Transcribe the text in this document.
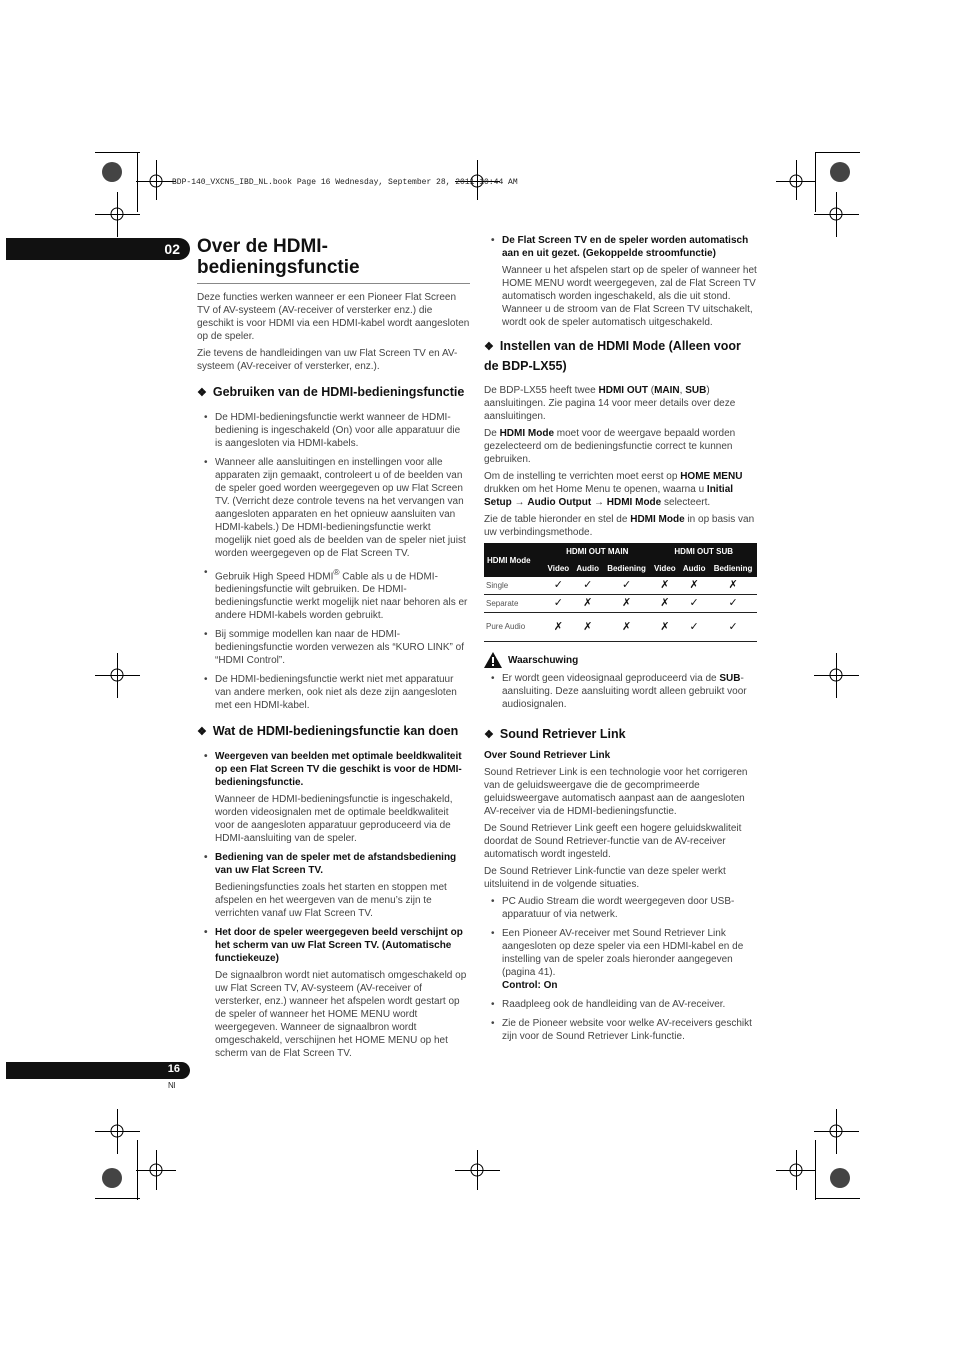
BDP-140_VXCN5_IBD_NL.book Page 16 Wednesday, September 28, 2011 10:44 AM
02 Over de HDMI-bedieningsfunctie

Deze functies werken wanneer er een Pioneer Flat Screen TV of AV-systeem (AV-receiver of versterker enz.) die geschikt is voor HDMI via een HDMI-kabel wordt aangesloten op de speler.

Zie tevens de handleidingen van uw Flat Screen TV en AV-systeem (AV-receiver of versterker, enz.).

❖ Gebruiken van de HDMI-bedieningsfunctie
• De HDMI-bedieningsfunctie werkt wanneer de HDMI-bediening is ingeschakeld (On) voor alle apparatuur die is aangesloten via HDMI-kabels.
• Wanneer alle aansluitingen en instellingen voor alle apparaten zijn gemaakt, controleert u of de beelden van de speler goed worden weergegeven op uw Flat Screen TV. (Verricht deze controle tevens na het vervangen van aangesloten apparaten en het opnieuw aansluiten van HDMI-kabels.) De HDMI-bedieningsfunctie werkt mogelijk niet goed als de beelden van de speler niet juist worden weergegeven op de Flat Screen TV.
• Gebruik High Speed HDMI® Cable als u de HDMI-bedieningsfunctie wilt gebruiken. De HDMI-bedieningsfunctie werkt mogelijk niet naar behoren als er andere HDMI-kabels worden gebruikt.
• Bij sommige modellen kan naar de HDMI-bedieningsfunctie worden verwezen als “KURO LINK” of “HDMI Control”.
• De HDMI-bedieningsfunctie werkt niet met apparatuur van andere merken, ook niet als deze zijn aangesloten met een HDMI-kabel.
❖ Wat de HDMI-bedieningsfunctie kan doen
• Weergeven van beelden met optimale beeldkwaliteit op een Flat Screen TV die geschikt is voor de HDMI-bedieningsfunctie.
Wanneer de HDMI-bedieningsfunctie is ingeschakeld, worden videosignalen met de optimale beeldkwaliteit voor de aangesloten apparatuur geproduceerd via de HDMI-aansluiting van de speler.
• Bediening van de speler met de afstandsbediening van uw Flat Screen TV.
Bedieningsfuncties zoals het starten en stoppen met afspelen en het weergeven van de menu’s zijn te verrichten vanaf uw Flat Screen TV.
• Het door de speler weergegeven beeld verschijnt op het scherm van uw Flat Screen TV. (Automatische functiekeuze)
De signaalbron wordt niet automatisch omgeschakeld op uw Flat Screen TV, AV-systeem (AV-receiver of versterker, enz.) wanneer het afspelen wordt gestart op de speler of wanneer het HOME MENU wordt weergegeven. Wanneer de signaalbron wordt omgeschakeld, verschijnen het HOME MENU op het scherm van de Flat Screen TV.
• De Flat Screen TV en de speler worden automatisch aan en uit gezet. (Gekoppelde stroomfunctie)
Wanneer u het afspelen start op de speler of wanneer het HOME MENU wordt weergegeven, zal de Flat Screen TV automatisch worden ingeschakeld, als die uit stond. Wanneer u de stroom van de Flat Screen TV uitschakelt, wordt ook de speler automatisch uitgeschakeld.
❖ Instellen van de HDMI Mode (Alleen voor de BDP-LX55)

De BDP-LX55 heeft twee HDMI OUT (MAIN, SUB) aansluitingen. Zie pagina 14 voor meer details over deze aansluitingen.

De HDMI Mode moet voor de weergave bepaald worden gezelecteerd om de bedieningsfunctie correct te kunnen gebruiken.

Om de instelling te verrichten moet eerst op HOME MENU drukken om het Home Menu te openen, waarna u Initial Setup → Audio Output → HDMI Mode selecteert.

Zie de table hieronder en stel de HDMI Mode in op basis van uw verbindingsmethode.

HDMI Mode	HDMI OUT MAIN			HDMI OUT SUB		
	Video	Audio	Bediening	Video	Audio	Bediening
Single	✓	✓	✓	✗	✗	✗
Separate	✓	✗	✗	✗	✓	✓
Pure Audio	✗	✗	✗	✗	✓	✓
Waarschuwing
• Er wordt geen videosignaal geproduceerd via de SUB-aansluiting. Deze aansluiting wordt alleen gebruikt voor audiosignalen.
❖ Sound Retriever Link
Over Sound Retriever Link

Sound Retriever Link is een technologie voor het corrigeren van de geluidsweergave die de gecomprimeerde geluidsweergave automatisch aanpast aan de aangesloten AV-receiver via de HDMI-bedieningsfunctie.

De Sound Retriever Link geeft een hogere geluidskwaliteit doordat de Sound Retriever-functie van de AV-receiver automatisch wordt ingesteld.

De Sound Retriever Link-functie van deze speler werkt uitsluitend in de volgende situaties.

• PC Audio Stream die wordt weergegeven door USB-apparatuur of via netwerk.
• Een Pioneer AV-receiver met Sound Retriever Link aangesloten op deze speler via een HDMI-kabel en de instelling van de speler zoals hieronder aangegeven (pagina 41).
Control: On
• Raadpleeg ook de handleiding van de AV-receiver.
• Zie de Pioneer website voor welke AV-receivers geschikt zijn voor de Sound Retriever Link-functie.
16
Nl
